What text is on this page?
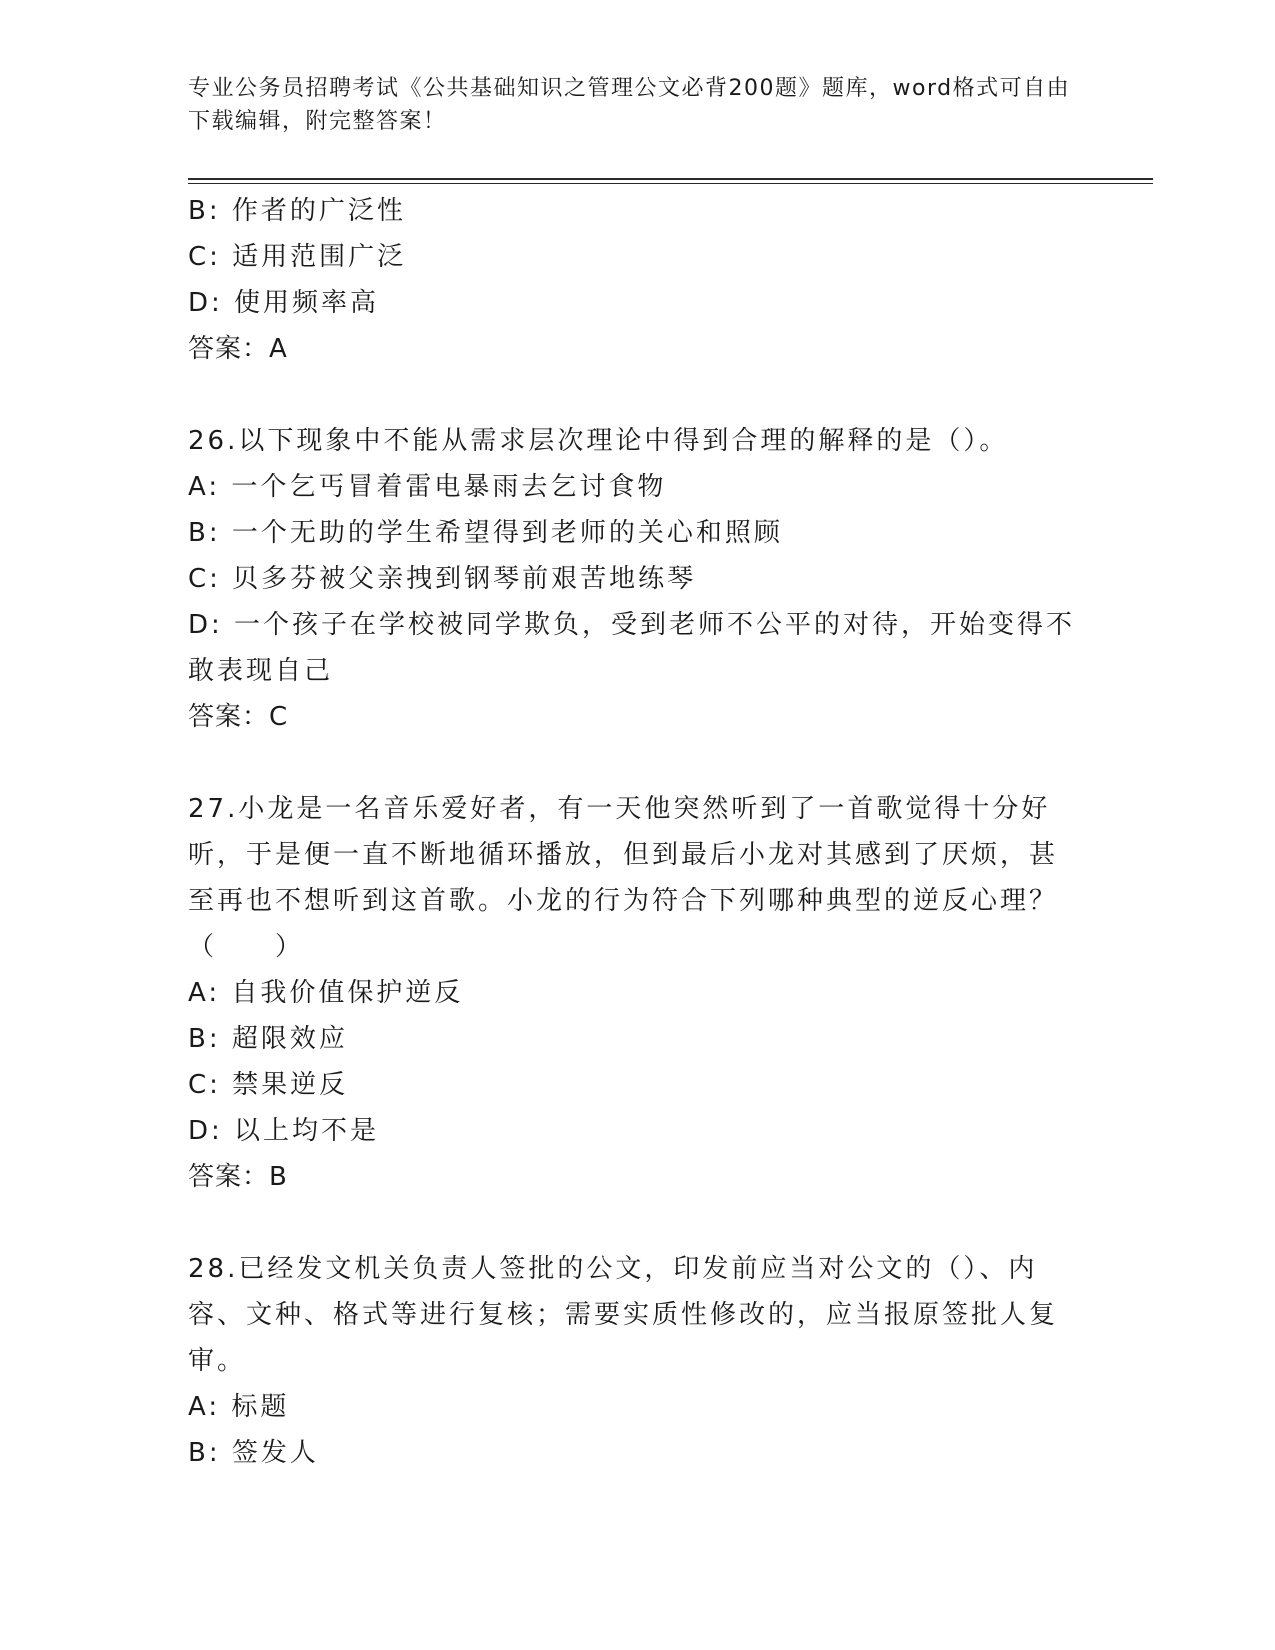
专业公务员招聘考试《公共基础知识之管理公文必背200题》题库，word格式可自由下载编辑，附完整答案！
B: 作者的广泛性
C: 适用范围广泛
D: 使用频率高
答案：A
26.以下现象中不能从需求层次理论中得到合理的解释的是（）。
A: 一个乞丐冒着雷电暴雨去乞讨食物
B: 一个无助的学生希望得到老师的关心和照顾
C: 贝多芬被父亲拽到钢琴前艰苦地练琴
D: 一个孩子在学校被同学欺负，受到老师不公平的对待，开始变得不敢表现自己
答案：C
27.小龙是一名音乐爱好者，有一天他突然听到了一首歌觉得十分好听，于是便一直不断地循环播放，但到最后小龙对其感到了厌烦，甚至再也不想听到这首歌。小龙的行为符合下列哪种典型的逆反心理？（　　）
A: 自我价值保护逆反
B: 超限效应
C: 禁果逆反
D: 以上均不是
答案：B
28.已经发文机关负责人签批的公文，印发前应当对公文的（）、内容、文种、格式等进行复核；需要实质性修改的，应当报原签批人复审。
A: 标题
B: 签发人
